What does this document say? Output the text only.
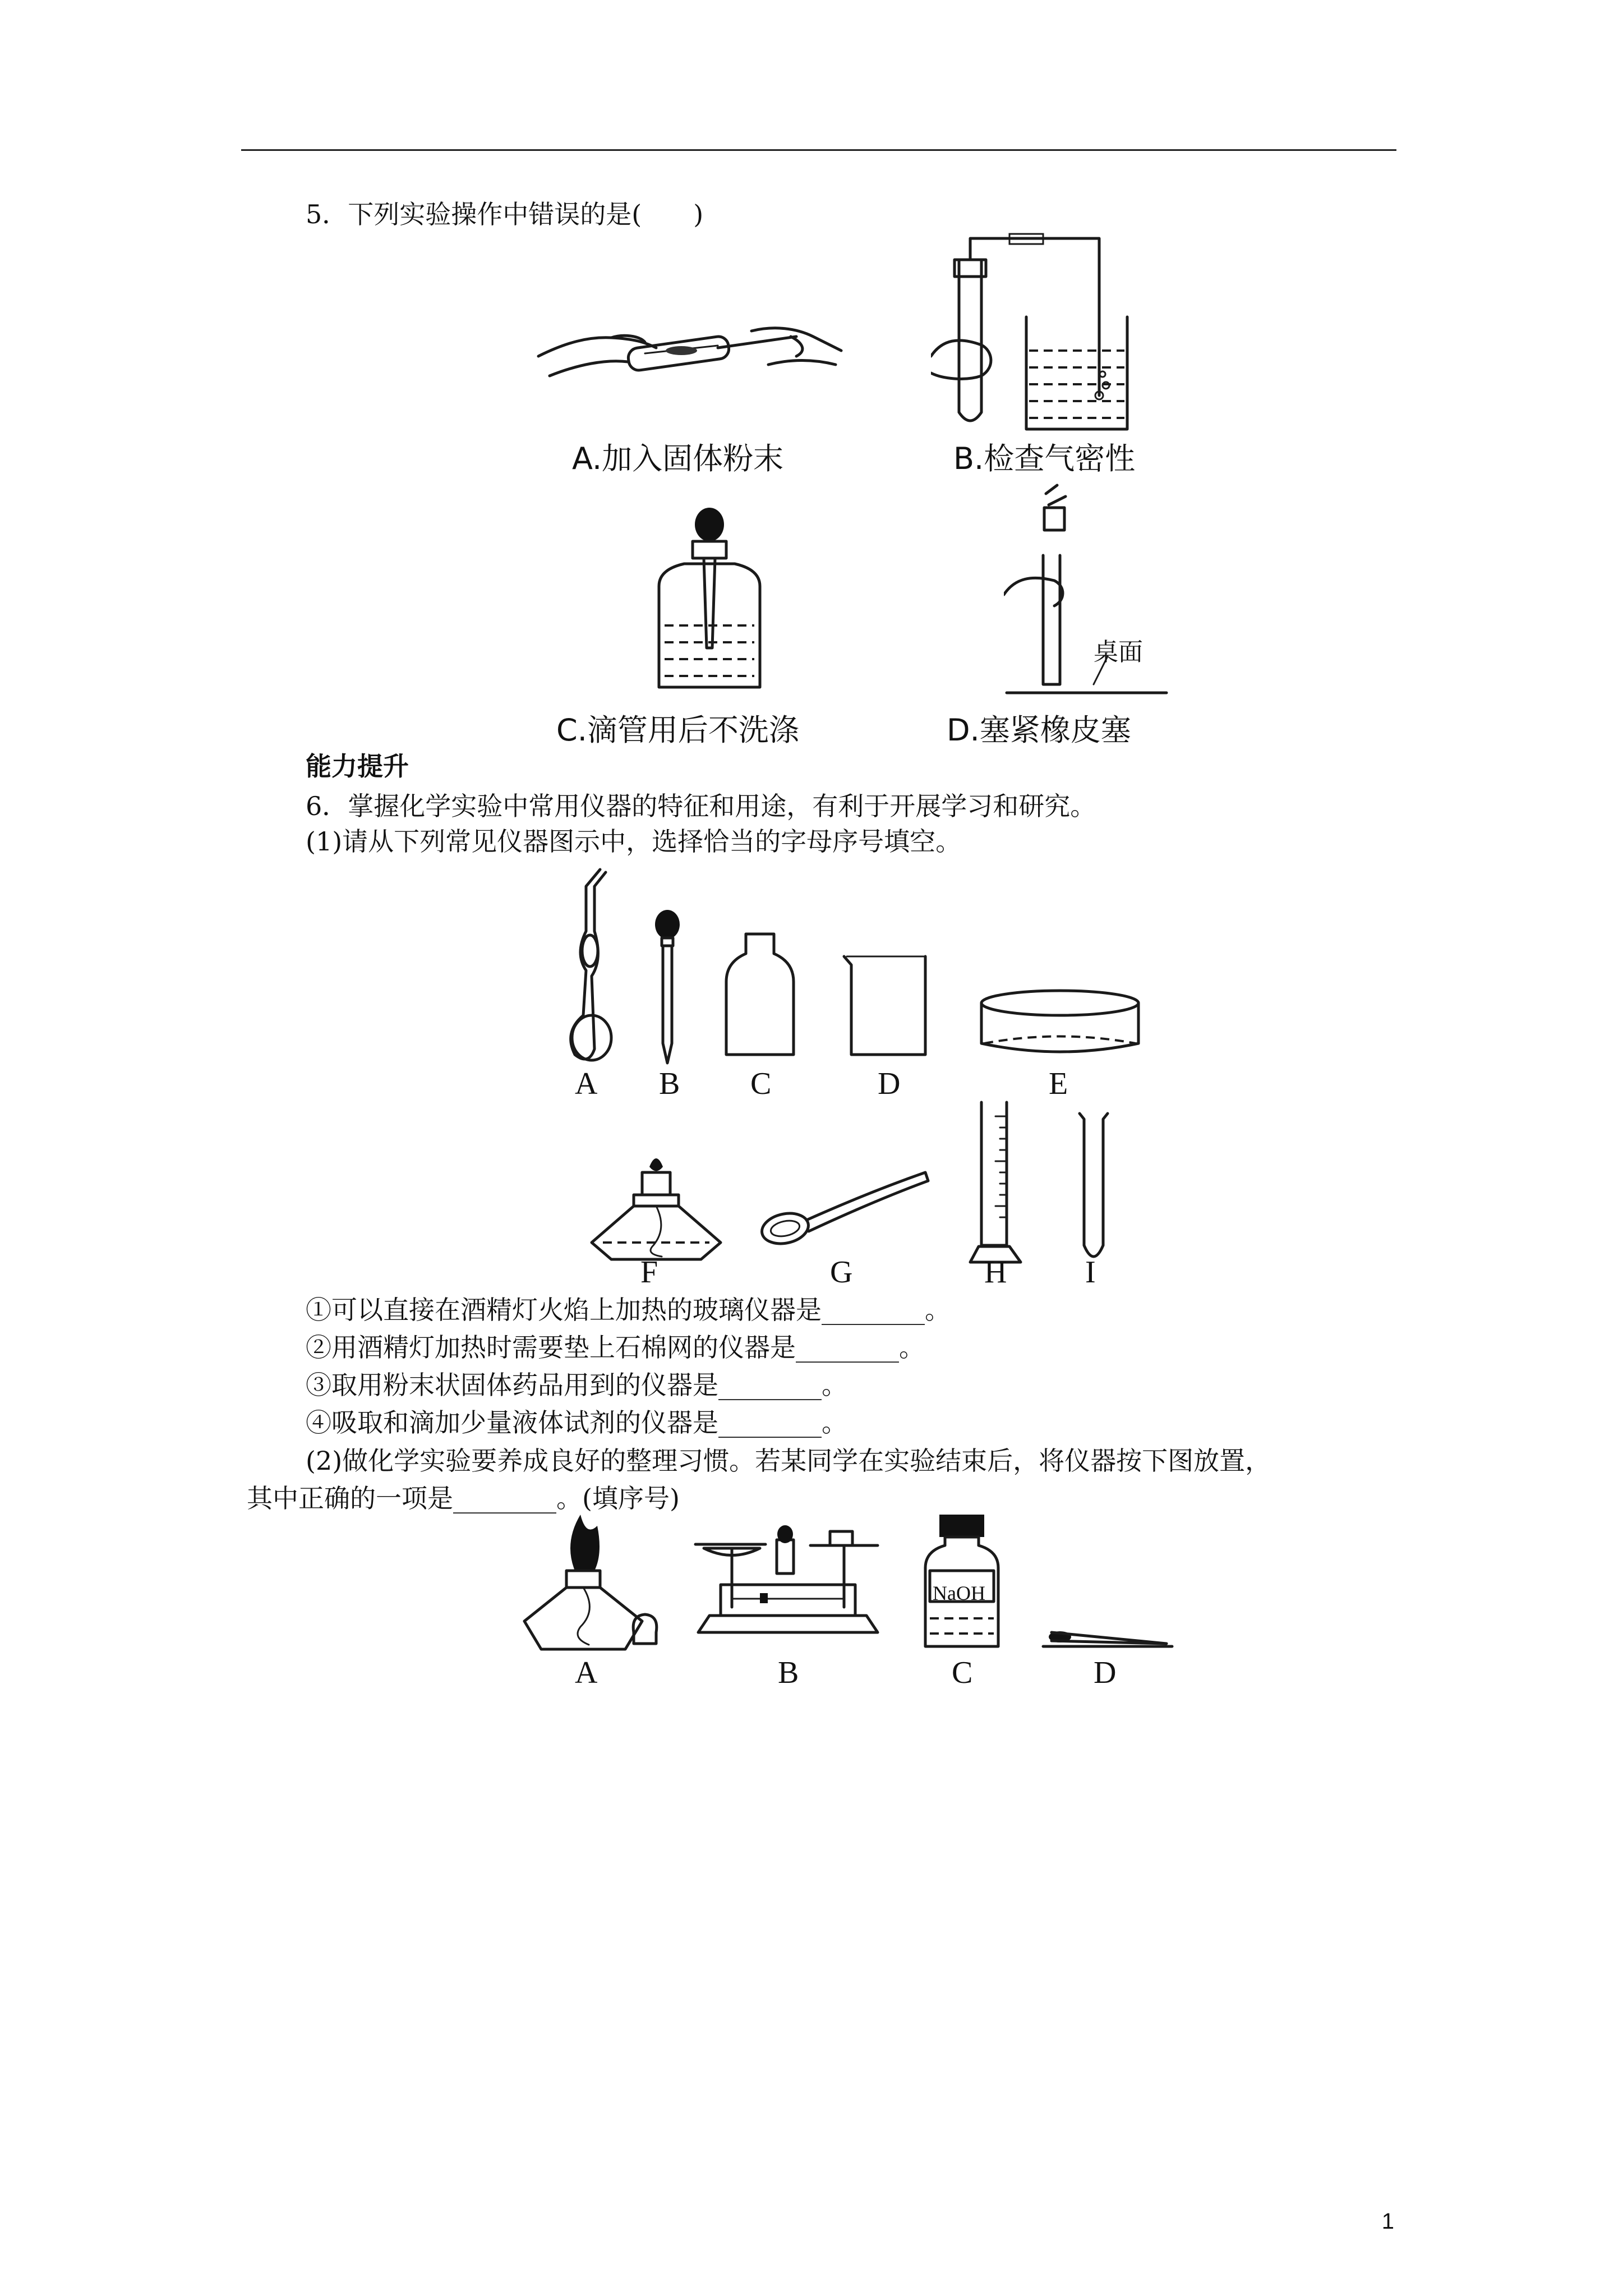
5．下列实验操作中错误的是(　　)
A.加入固体粉末	B.检查气密性
C.滴管用后不洗涤
桌面
D.塞紧橡皮塞
能力提升
6．掌握化学实验中常用仪器的特征和用途，有利于开展学习和研究。
(1)请从下列常见仪器图示中，选择恰当的字母序号填空。
A B C	D	E
F	G	H I
①可以直接在酒精灯火焰上加热的玻璃仪器是________。
②用酒精灯加热时需要垫上石棉网的仪器是________。
③取用粉末状固体药品用到的仪器是________。
④吸取和滴加少量液体试剂的仪器是________。
(2)做化学实验要养成良好的整理习惯。若某同学在实验结束后，将仪器按下图放置，
其中正确的一项是________。(填序号)
NaOH
A	B	C	D
1
